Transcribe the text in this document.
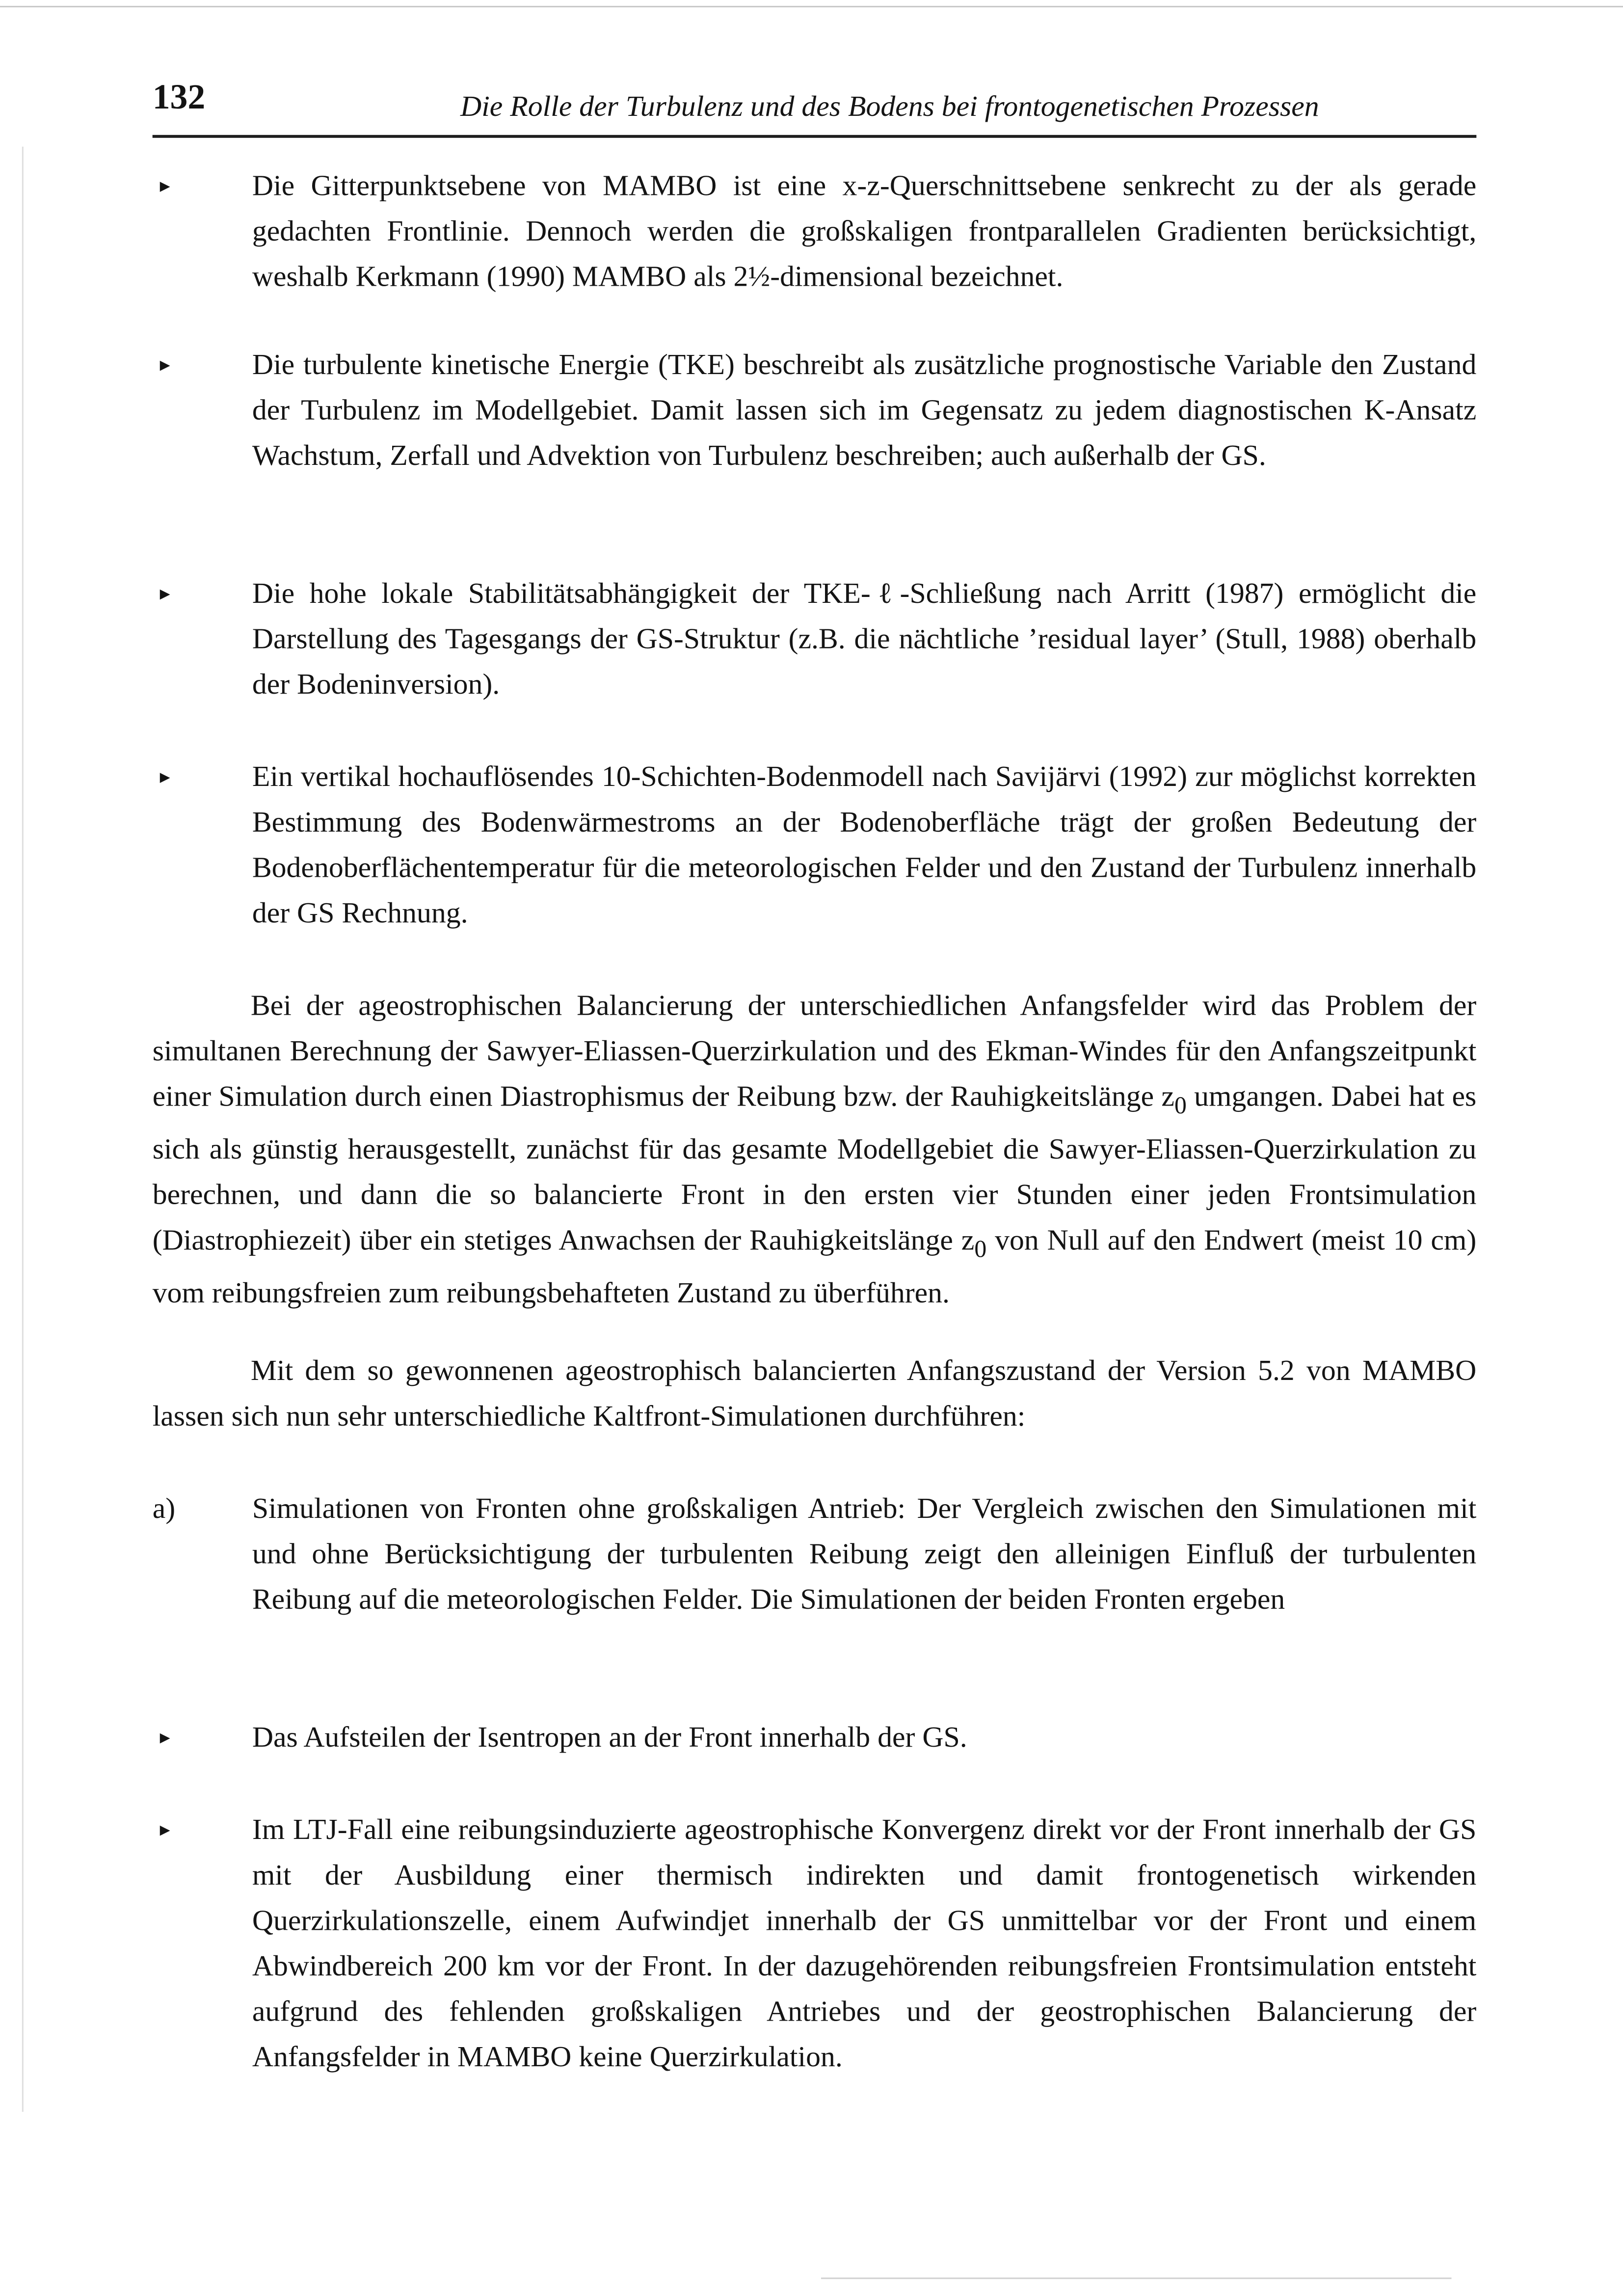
132	Die Rolle der Turbulenz und des Bodens bei frontogenetischen Prozessen
▸	Die Gitterpunktsebene von MAMBO ist eine x-z-Querschnittsebene senkrecht zu der als gerade gedachten Frontlinie. Dennoch werden die großskaligen frontparallelen Gradienten berücksichtigt, weshalb Kerkmann (1990) MAMBO als 2½-dimensional bezeichnet.
▸	Die turbulente kinetische Energie (TKE) beschreibt als zusätzliche prognostische Variable den Zustand der Turbulenz im Modellgebiet. Damit lassen sich im Gegensatz zu jedem diagnostischen K-Ansatz Wachstum, Zerfall und Advektion von Turbulenz beschreiben; auch außerhalb der GS.
▸	Die hohe lokale Stabilitätsabhängigkeit der TKE-ℓ-Schließung nach Arritt (1987) ermöglicht die Darstellung des Tagesgangs der GS-Struktur (z.B. die nächtliche ’residual layer’ (Stull, 1988) oberhalb der Bodeninversion).
▸	Ein vertikal hochauflösendes 10-Schichten-Bodenmodell nach Savijärvi (1992) zur möglichst korrekten Bestimmung des Bodenwärmestroms an der Bodenoberfläche trägt der großen Bedeutung der Bodenoberflächentemperatur für die meteorologischen Felder und den Zustand der Turbulenz innerhalb der GS Rechnung.
Bei der ageostrophischen Balancierung der unterschiedlichen Anfangsfelder wird das Problem der simultanen Berechnung der Sawyer-Eliassen-Querzirkulation und des Ekman-Windes für den Anfangszeitpunkt einer Simulation durch einen Diastrophismus der Reibung bzw. der Rauhigkeitslänge $z_0$ umgangen. Dabei hat es sich als günstig herausgestellt, zunächst für das gesamte Modellgebiet die Sawyer-Eliassen-Querzirkulation zu berechnen, und dann die so balancierte Front in den ersten vier Stunden einer jeden Frontsimulation (Diastrophiezeit) über ein stetiges Anwachsen der Rauhigkeitslänge $z_0$ von Null auf den Endwert (meist 10 cm) vom reibungsfreien zum reibungsbehafteten Zustand zu überführen.
Mit dem so gewonnenen ageostrophisch balancierten Anfangszustand der Version 5.2 von MAMBO lassen sich nun sehr unterschiedliche Kaltfront-Simulationen durchführen:
a)	Simulationen von Fronten ohne großskaligen Antrieb: Der Vergleich zwischen den Simulationen mit und ohne Berücksichtigung der turbulenten Reibung zeigt den alleinigen Einfluß der turbulenten Reibung auf die meteorologischen Felder. Die Simulationen der beiden Fronten ergeben
▸	Das Aufsteilen der Isentropen an der Front innerhalb der GS.
▸	Im LTJ-Fall eine reibungsinduzierte ageostrophische Konvergenz direkt vor der Front innerhalb der GS mit der Ausbildung einer thermisch indirekten und damit frontogenetisch wirkenden Querzirkulationszelle, einem Aufwindjet innerhalb der GS unmittelbar vor der Front und einem Abwindbereich 200 km vor der Front. In der dazugehörenden reibungsfreien Frontsimulation entsteht aufgrund des fehlenden großskaligen Antriebes und der geostrophischen Balancierung der Anfangsfelder in MAMBO keine Querzirkulation.
